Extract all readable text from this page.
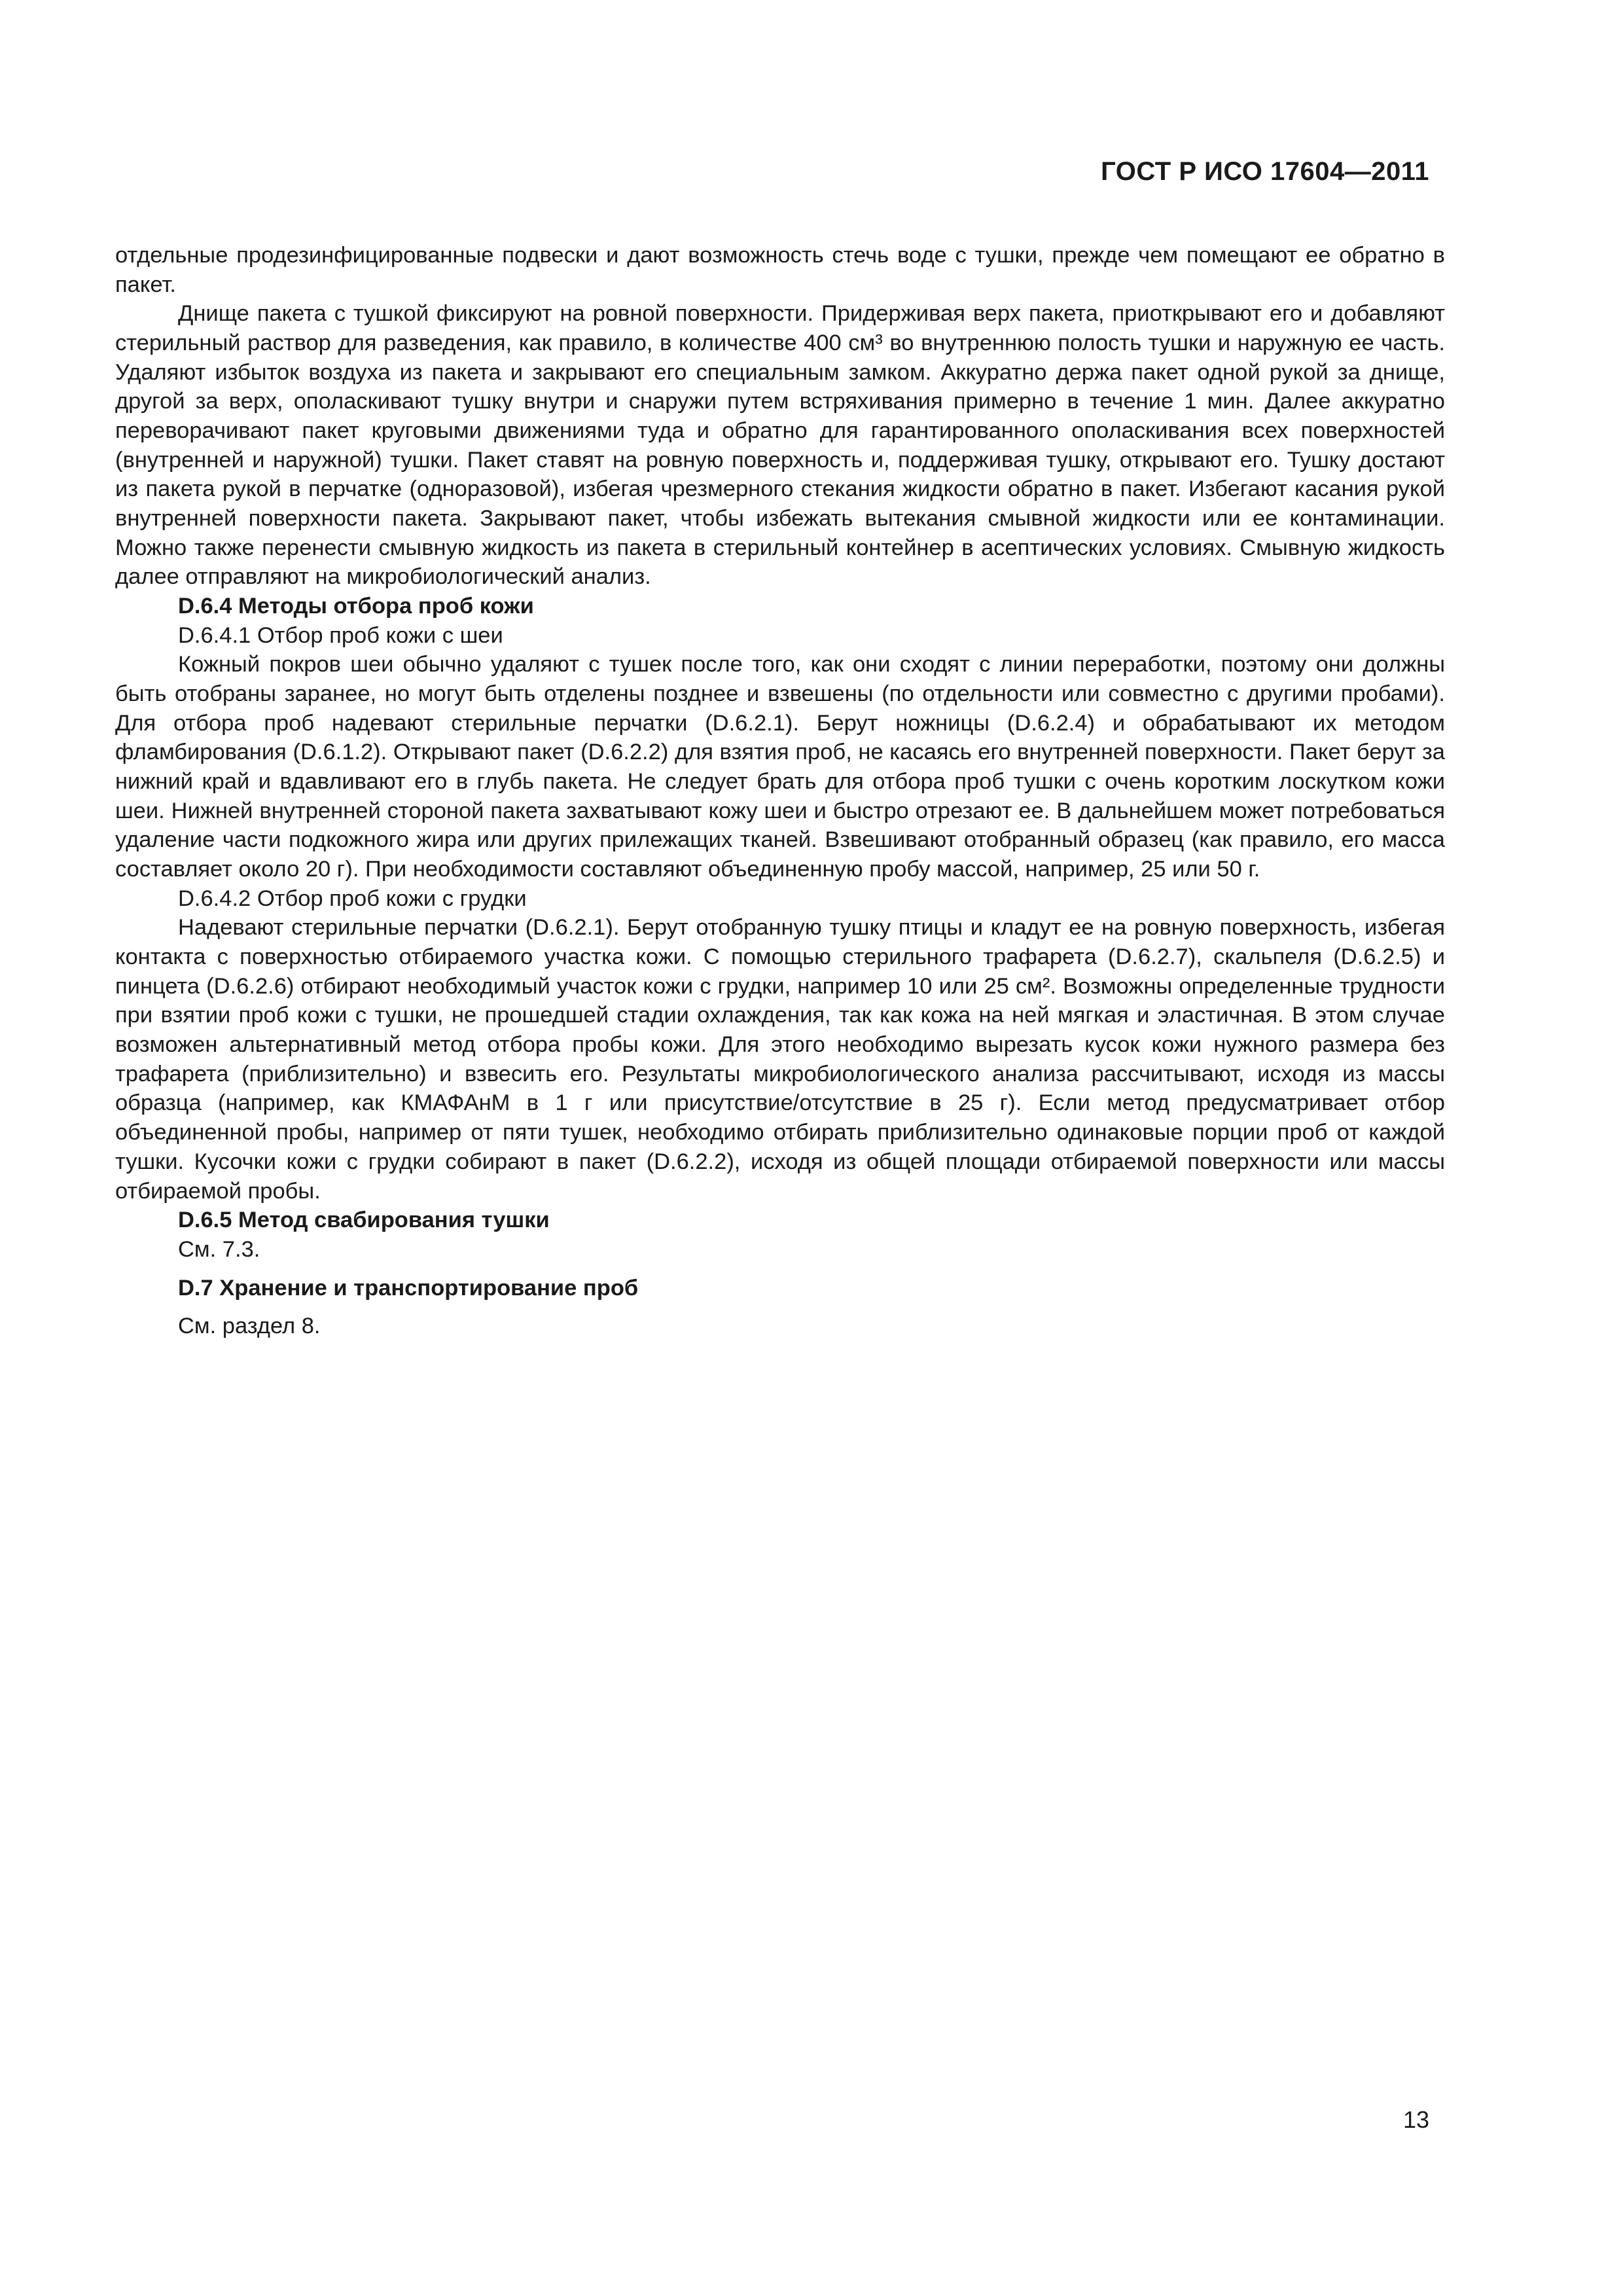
ГОСТ Р ИСО 17604—2011

отдельные продезинфицированные подвески и дают возможность стечь воде с тушки, прежде чем помещают ее обратно в пакет.

Днище пакета с тушкой фиксируют на ровной поверхности. Придерживая верх пакета, приоткрывают его и добавляют стерильный раствор для разведения, как правило, в количестве 400 см³ во внутреннюю полость тушки и наружную ее часть. Удаляют избыток воздуха из пакета и закрывают его специальным замком. Аккуратно держа пакет одной рукой за днище, другой за верх, ополаскивают тушку внутри и снаружи путем встряхивания примерно в течение 1 мин. Далее аккуратно переворачивают пакет круговыми движениями туда и обратно для гарантированного ополаскивания всех поверхностей (внутренней и наружной) тушки. Пакет ставят на ровную поверхность и, поддерживая тушку, открывают его. Тушку достают из пакета рукой в перчатке (одноразовой), избегая чрезмерного стекания жидкости обратно в пакет. Избегают касания рукой внутренней поверхности пакета. Закрывают пакет, чтобы избежать вытекания смывной жидкости или ее контаминации. Можно также перенести смывную жидкость из пакета в стерильный контейнер в асептических условиях. Смывную жидкость далее отправляют на микробиологический анализ.

D.6.4 Методы отбора проб кожи

D.6.4.1 Отбор проб кожи с шеи

Кожный покров шеи обычно удаляют с тушек после того, как они сходят с линии переработки, поэтому они должны быть отобраны заранее, но могут быть отделены позднее и взвешены (по отдельности или совместно с другими пробами). Для отбора проб надевают стерильные перчатки (D.6.2.1). Берут ножницы (D.6.2.4) и обрабатывают их методом фламбирования (D.6.1.2). Открывают пакет (D.6.2.2) для взятия проб, не касаясь его внутренней поверхности. Пакет берут за нижний край и вдавливают его в глубь пакета. Не следует брать для отбора проб тушки с очень коротким лоскутком кожи шеи. Нижней внутренней стороной пакета захватывают кожу шеи и быстро отрезают ее. В дальнейшем может потребоваться удаление части подкожного жира или других прилежащих тканей. Взвешивают отобранный образец (как правило, его масса составляет около 20 г). При необходимости составляют объединенную пробу массой, например, 25 или 50 г.

D.6.4.2 Отбор проб кожи с грудки

Надевают стерильные перчатки (D.6.2.1). Берут отобранную тушку птицы и кладут ее на ровную поверхность, избегая контакта с поверхностью отбираемого участка кожи. С помощью стерильного трафарета (D.6.2.7), скальпеля (D.6.2.5) и пинцета (D.6.2.6) отбирают необходимый участок кожи с грудки, например 10 или 25 см². Возможны определенные трудности при взятии проб кожи с тушки, не прошедшей стадии охлаждения, так как кожа на ней мягкая и эластичная. В этом случае возможен альтернативный метод отбора пробы кожи. Для этого необходимо вырезать кусок кожи нужного размера без трафарета (приблизительно) и взвесить его. Результаты микробиологического анализа рассчитывают, исходя из массы образца (например, как КМАФАнМ в 1 г или присутствие/отсутствие в 25 г). Если метод предусматривает отбор объединенной пробы, например от пяти тушек, необходимо отбирать приблизительно одинаковые порции проб от каждой тушки. Кусочки кожи с грудки собирают в пакет (D.6.2.2), исходя из общей площади отбираемой поверхности или массы отбираемой пробы.

D.6.5 Метод свабирования тушки

См. 7.3.

D.7 Хранение и транспортирование проб

См. раздел 8.

13
